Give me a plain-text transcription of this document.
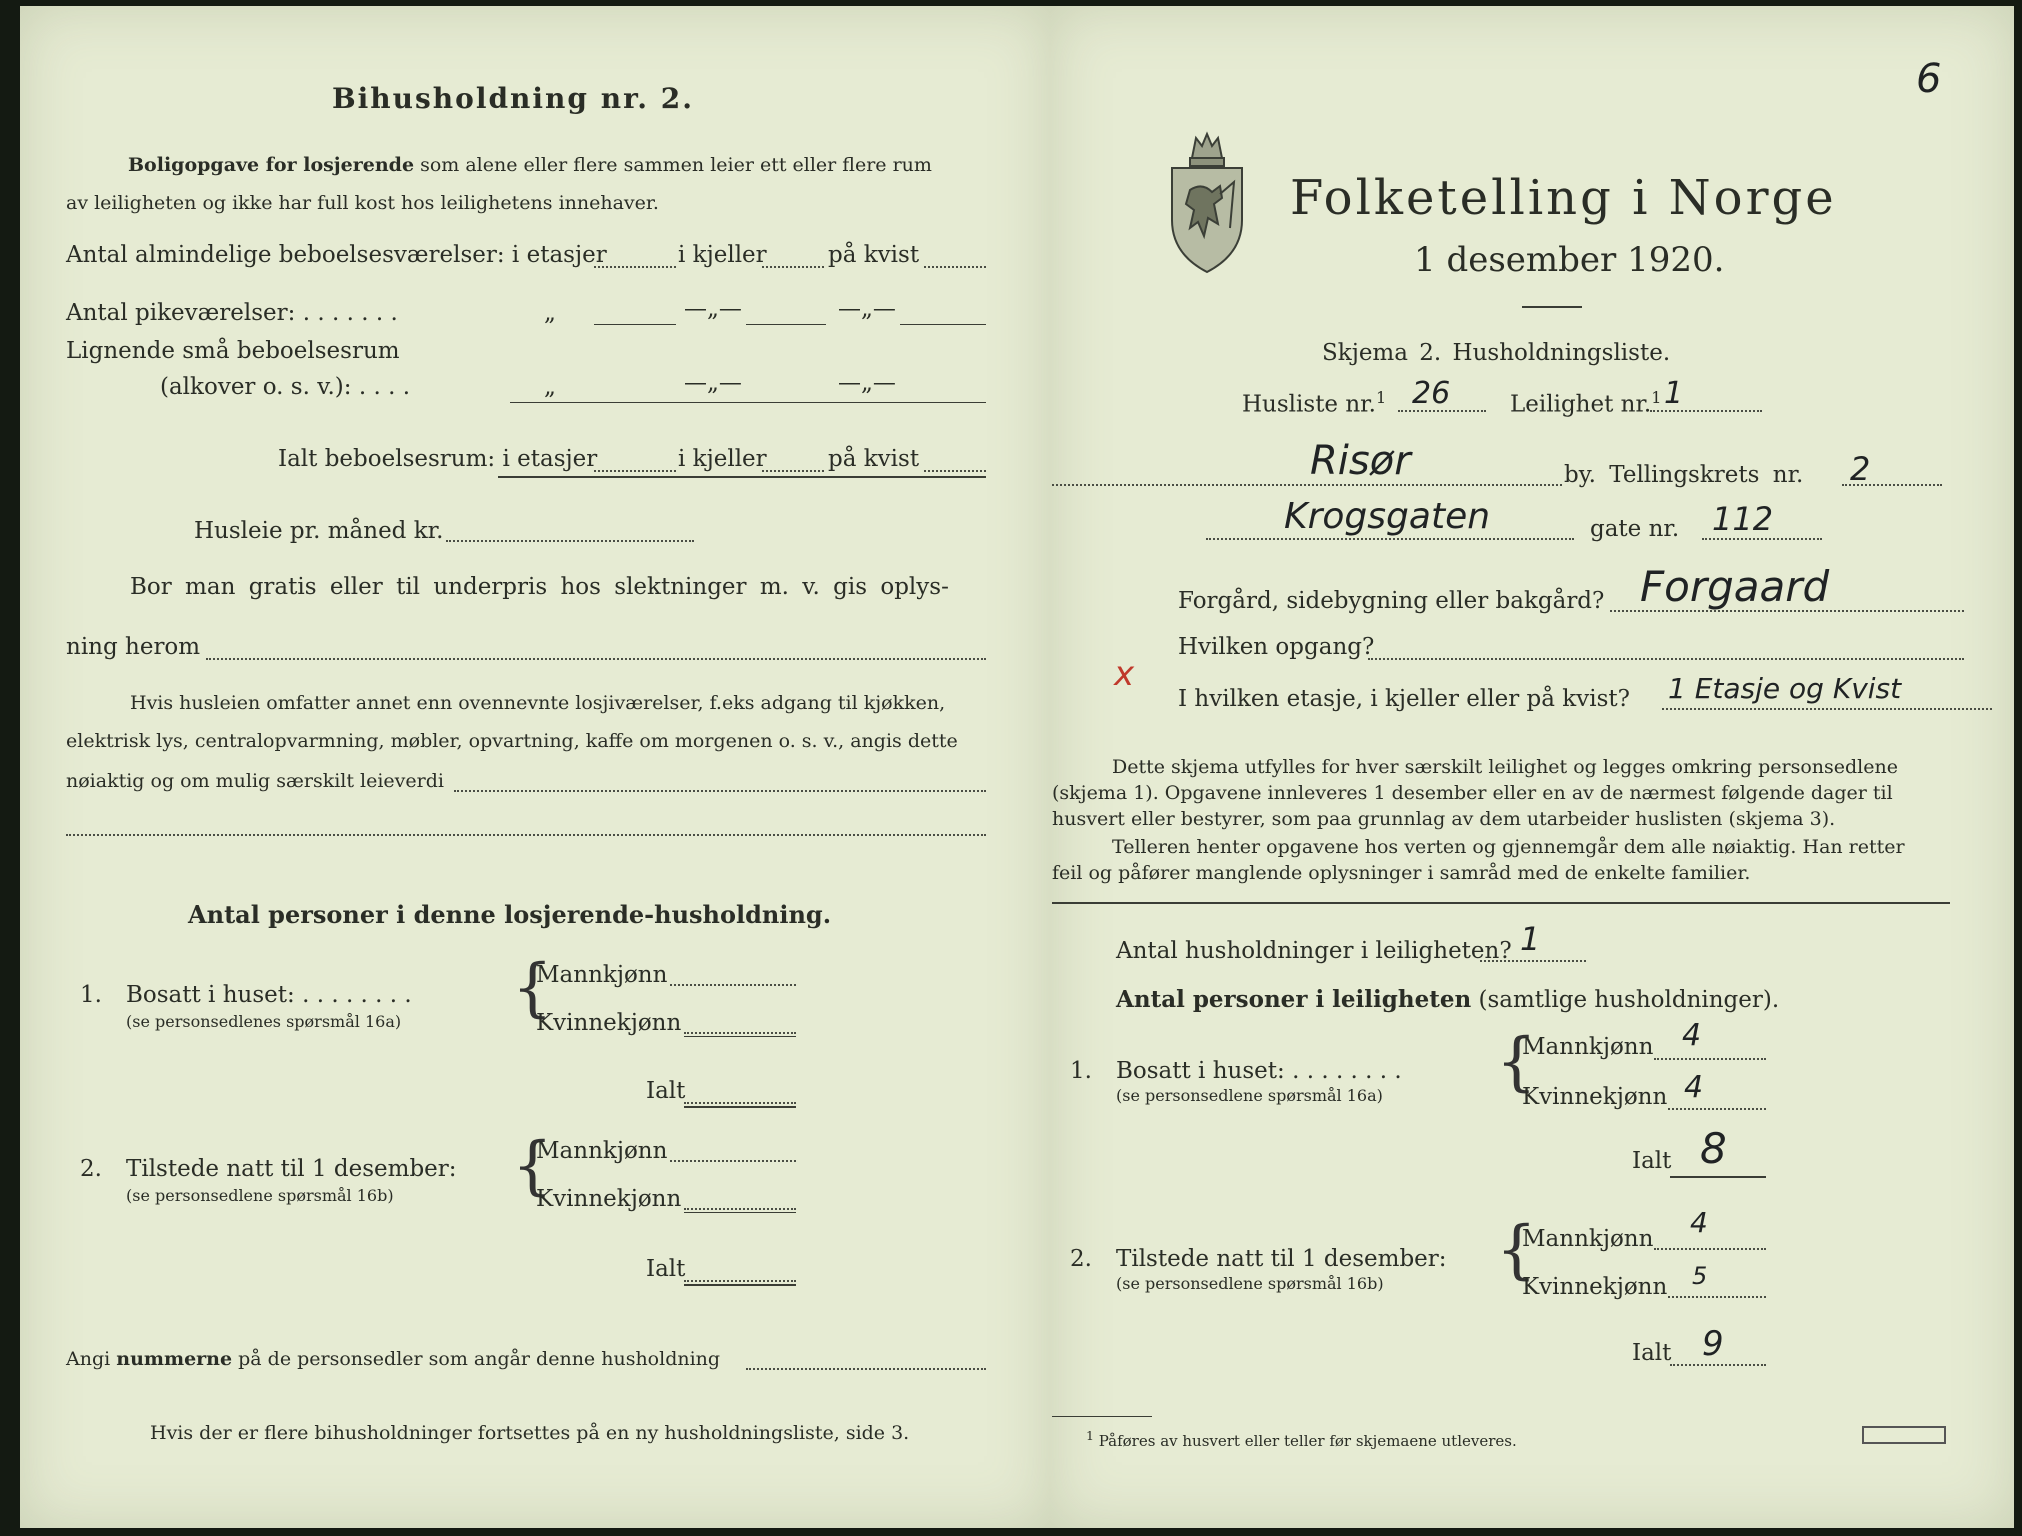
Bihusholdning nr. 2.
Boligopgave for losjerende som alene eller flere sammen leier ett eller flere rum
av leiligheten og ikke har full kost hos leilighetens innehaver.
Antal almindelige beboelsesværelser: i etasjer	i kjeller	på kvist
Antal pikeværelser: . . . . . . .	„	—„—	—„—
Lignende små beboelsesrum
(alkover o. s. v.): . . . .	„	—„—	—„—
Ialt beboelsesrum: i etasjer	i kjeller	på kvist
Husleie pr. måned kr.
Bor man gratis eller til underpris hos slektninger m. v. gis oplys-
ning herom
Hvis husleien omfatter annet enn ovennevnte losjiværelser, f.eks adgang til kjøkken,
elektrisk lys, centralopvarmning, møbler, opvartning, kaffe om morgenen o. s. v., angis dette
nøiaktig og om mulig særskilt leieverdi
Antal personer i denne losjerende-husholdning.
1. Bosatt i huset: . . . . . . . .
(se personsedlenes spørsmål 16a) {
Mannkjønn
Kvinnekjønn
Ialt
2. Tilstede natt til 1 desember:
(se personsedlene spørsmål 16b) {
Mannkjønn
Kvinnekjønn
Ialt
Angi nummerne på de personsedler som angår denne husholdning
Hvis der er flere bihusholdninger fortsettes på en ny husholdningsliste, side 3.
6
Folketelling i Norge
1 desember 1920.
Skjema 2. Husholdningsliste.
Husliste nr.$^1$ 26	Leilighet nr.$^1$ 1
Risør	by. Tellingskrets nr. 2
Krogsgaten	gate nr. 112
Forgård, sidebygning eller bakgård? Forgaard
Hvilken opgang?
x
I hvilken etasje, i kjeller eller på kvist? 1 Etasje og Kvist
Dette skjema utfylles for hver særskilt leilighet og legges omkring personsedlene
(skjema 1). Opgavene innleveres 1 desember eller en av de nærmest følgende dager til
husvert eller bestyrer, som paa grunnlag av dem utarbeider huslisten (skjema 3).
Telleren henter opgavene hos verten og gjennemgår dem alle nøiaktig. Han retter
feil og påfører manglende oplysninger i samråd med de enkelte familier.
Antal husholdninger i leiligheten? 1
Antal personer i leiligheten (samtlige husholdninger).
1. Bosatt i huset: . . . . . . . .
(se personsedlene spørsmål 16a) {
Mannkjønn 4
Kvinnekjønn 4
Ialt 8
2. Tilstede natt til 1 desember:
(se personsedlene spørsmål 16b) {
Mannkjønn 4
Kvinnekjønn 5
Ialt 9
$^1$ Påføres av husvert eller teller før skjemaene utleveres.
